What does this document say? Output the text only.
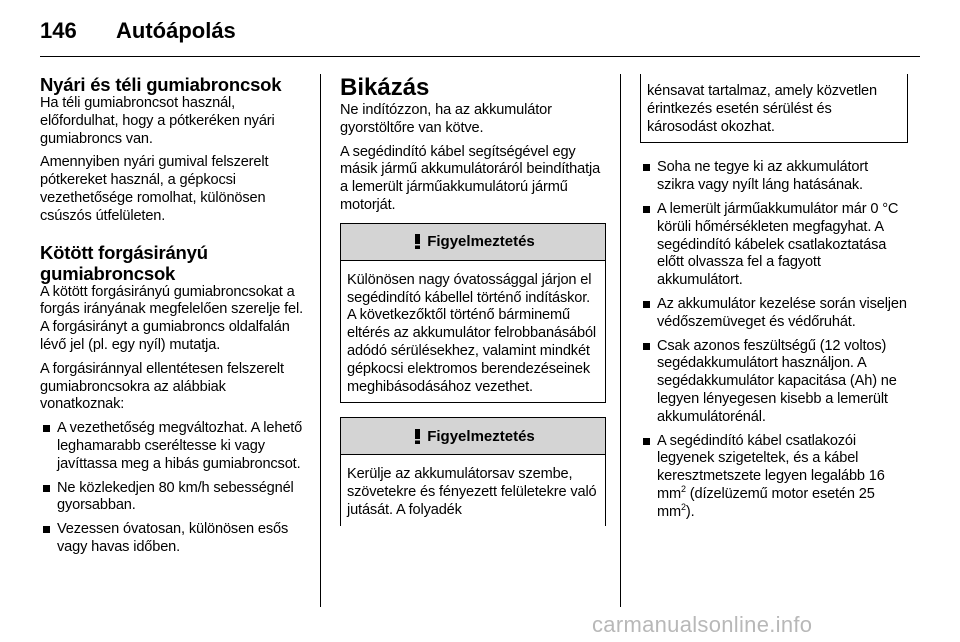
146 Autóápolás
Nyári és téli gumiabroncsok

Ha téli gumiabroncsot használ, előfordulhat, hogy a pótkeréken nyári gumiabroncs van.

Amennyiben nyári gumival felszerelt pótkereket használ, a gépkocsi vezethetősége romolhat, különösen csúszós útfelületen.

Kötött forgásirányú
gumiabroncsok

A kötött forgásirányú gumiabroncsokat a forgás irányának megfelelően szerelje fel. A forgásirányt a gumiabroncs oldalfalán lévő jel (pl. egy nyíl) mutatja.

A forgásiránnyal ellentétesen felszerelt gumiabroncsokra az alábbiak vonatkoznak:

A vezethetőség megváltozhat. A lehető leghamarabb cseréltesse ki vagy javíttassa meg a hibás gumiabroncsot.
Ne közlekedjen 80 km/h sebességnél gyorsabban.
Vezessen óvatosan, különösen esős vagy havas időben.
Bikázás

Ne indítózzon, ha az akkumulátor gyorstöltőre van kötve.

A segédindító kábel segítségével egy másik jármű akkumulátoráról beindíthatja a lemerült járműakkumulátorú jármű motorját.

Figyelmeztetés

Különösen nagy óvatossággal járjon el segédindító kábellel történő indításkor. A következőktől történő bárminemű eltérés az akkumulátor felrobbanásából adódó sérülésekhez, valamint mindkét gépkocsi elektromos berendezéseinek meghibásodásához vezethet.

Figyelmeztetés

Kerülje az akkumulátorsav szembe, szövetekre és fényezett felületekre való jutását. A folyadék

kénsavat tartalmaz, amely közvetlen érintkezés esetén sérülést és károsodást okozhat.

Soha ne tegye ki az akkumulátort szikra vagy nyílt láng hatásának.
A lemerült járműakkumulátor már 0 °C körüli hőmérsékleten megfagyhat. A segédindító kábelek csatlakoztatása előtt olvassza fel a fagyott akkumulátort.
Az akkumulátor kezelése során viseljen védőszemüveget és védőruhát.
Csak azonos feszültségű (12 voltos) segédakkumulátort használjon. A segédakkumulátor kapacitása (Ah) ne legyen lényegesen kisebb a lemerült akkumulátorénál.
A segédindító kábel csatlakozói legyenek szigeteltek, és a kábel keresztmetszete legyen legalább 16 $mm^2$ (dízelüzemű motor esetén 25 $mm^2$).
carmanualsonline.info
